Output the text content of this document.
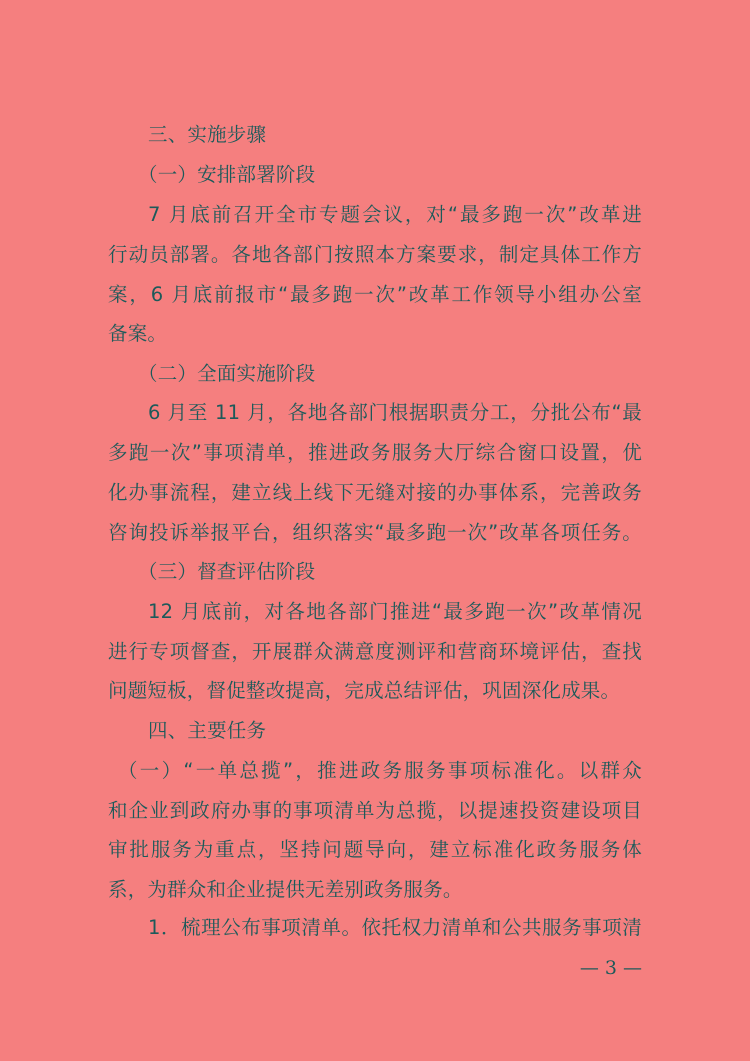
三、实施步骤
（一）安排部署阶段
7 月底前召开全市专题会议，对“最多跑一次”改革进
行动员部署。各地各部门按照本方案要求，制定具体工作方
案，6 月底前报市“最多跑一次”改革工作领导小组办公室
备案。
（二）全面实施阶段
6 月至 11 月，各地各部门根据职责分工，分批公布“最
多跑一次”事项清单，推进政务服务大厅综合窗口设置，优
化办事流程，建立线上线下无缝对接的办事体系，完善政务
咨询投诉举报平台，组织落实“最多跑一次”改革各项任务。
（三）督查评估阶段
12 月底前，对各地各部门推进“最多跑一次”改革情况
进行专项督查，开展群众满意度测评和营商环境评估，查找
问题短板，督促整改提高，完成总结评估，巩固深化成果。
四、主要任务
（一）“一单总揽”，推进政务服务事项标准化。以群众
和企业到政府办事的事项清单为总揽，以提速投资建设项目
审批服务为重点，坚持问题导向，建立标准化政务服务体
系，为群众和企业提供无差别政务服务。
1．梳理公布事项清单。依托权力清单和公共服务事项清
— 3 —
